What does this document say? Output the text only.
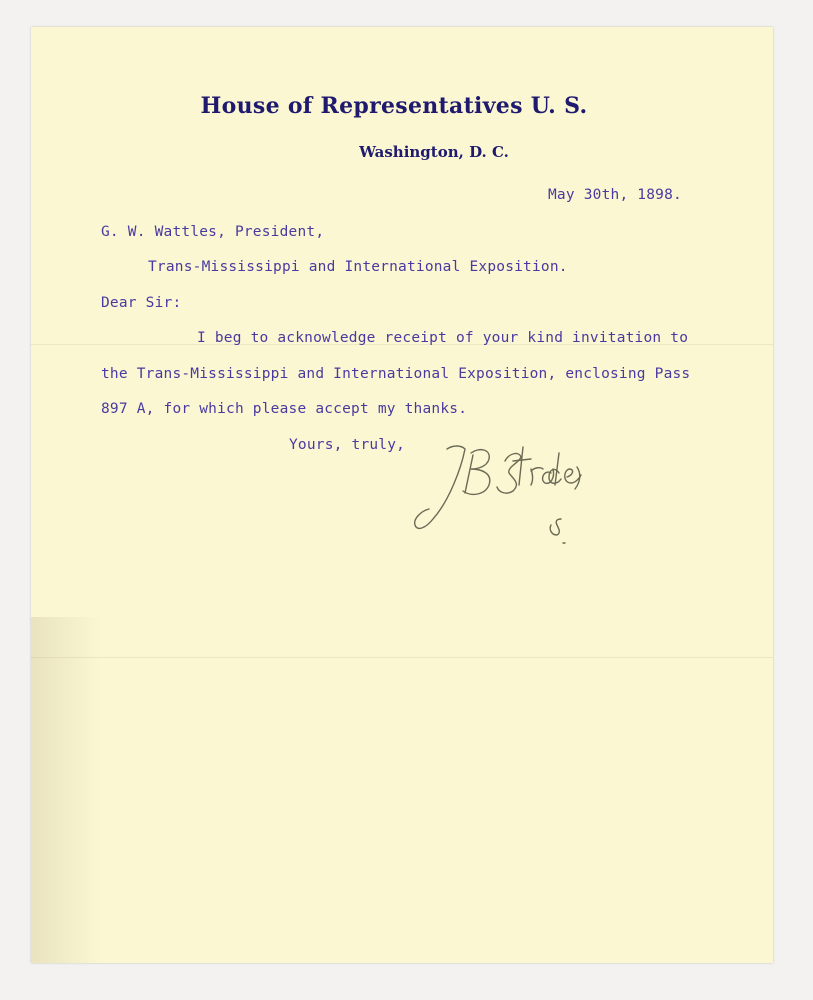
House of Representatives U. S.
Washington, D. C.
May 30th, 1898.
G. W. Wattles, President,
Trans-Mississippi and International Exposition.
Dear Sir:
I beg to acknowledge receipt of your kind invitation to
the Trans-Mississippi and International Exposition, enclosing Pass
897 A, for which please accept my thanks.
Yours, truly,
